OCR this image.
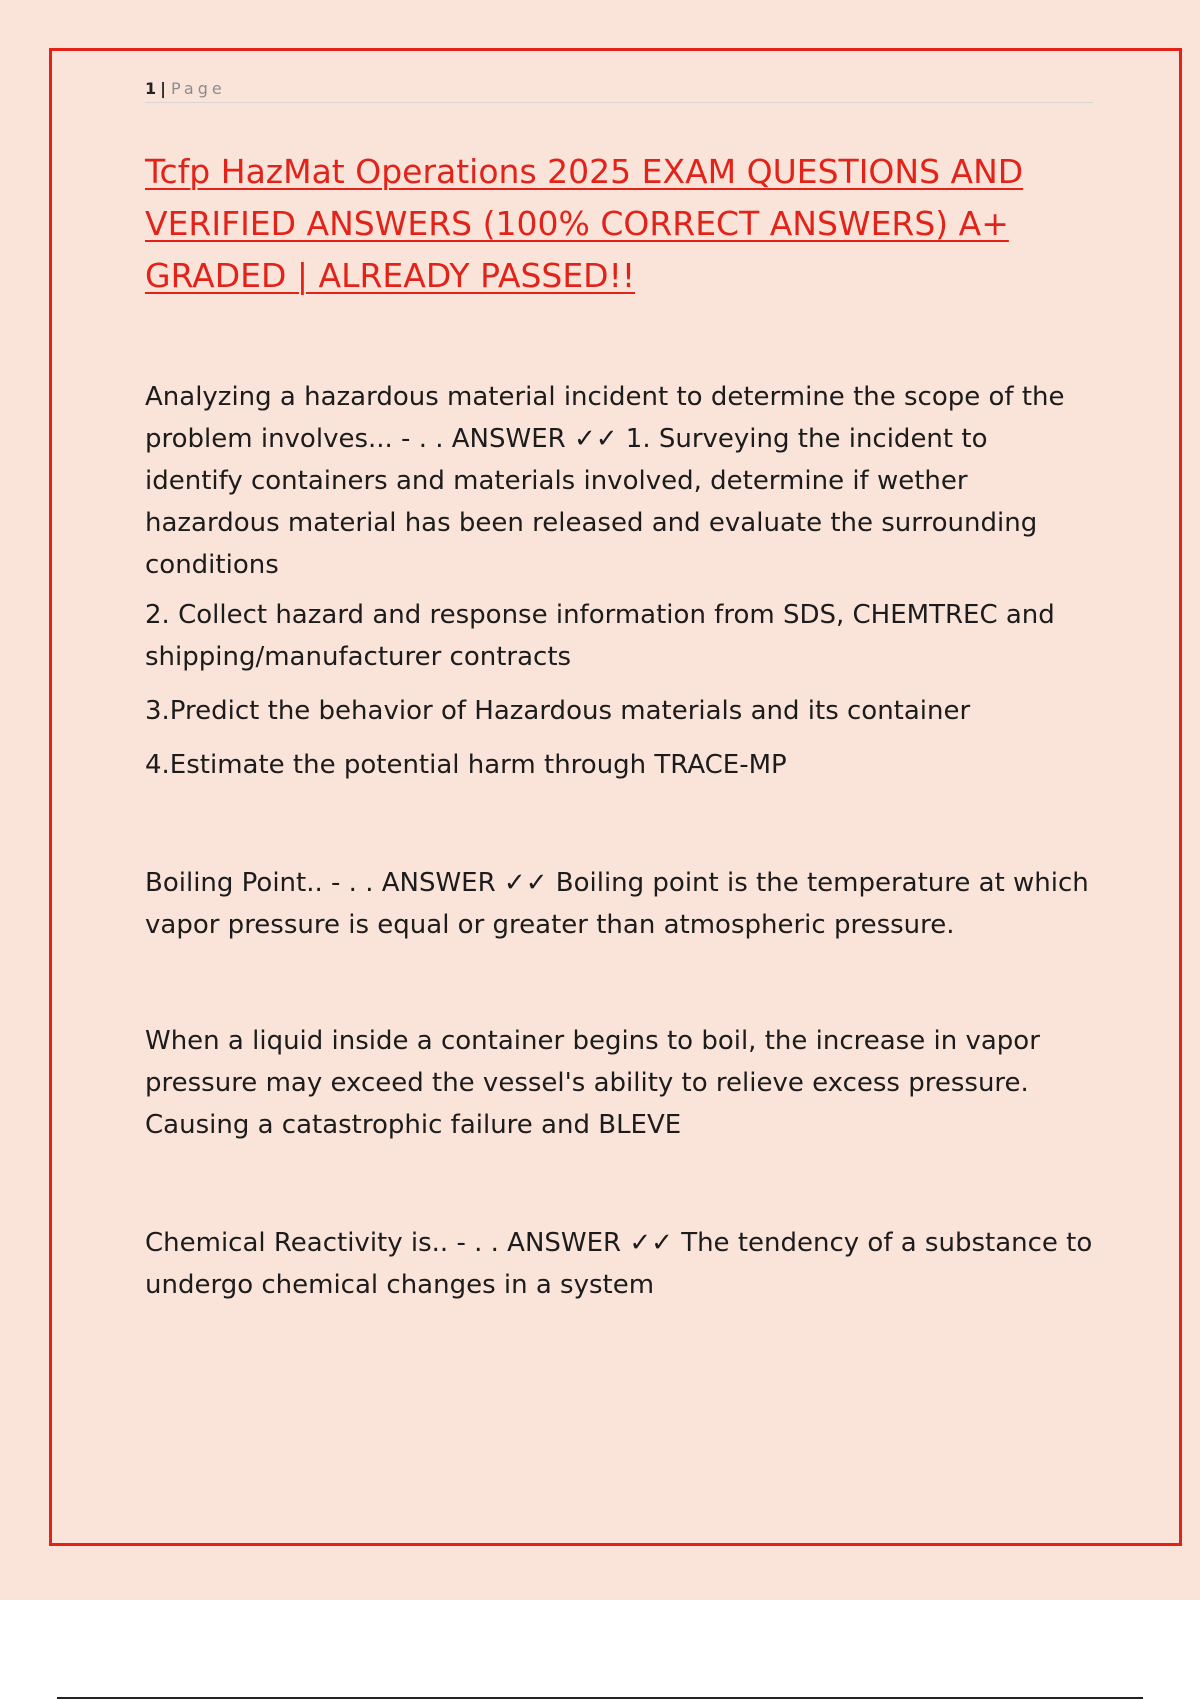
1 | Page
Tcfp HazMat Operations 2025 EXAM QUESTIONS AND VERIFIED ANSWERS (100% CORRECT ANSWERS) A+ GRADED | ALREADY PASSED!!

Analyzing a hazardous material incident to determine the scope of the problem involves... - . . ANSWER ✓✓ 1. Surveying the incident to identify containers and materials involved, determine if wether hazardous material has been released and evaluate the surrounding conditions

2. Collect hazard and response information from SDS, CHEMTREC and shipping/manufacturer contracts

3.Predict the behavior of Hazardous materials and its container

4.Estimate the potential harm through TRACE-MP

Boiling Point.. - . . ANSWER ✓✓ Boiling point is the temperature at which vapor pressure is equal or greater than atmospheric pressure.

When a liquid inside a container begins to boil, the increase in vapor pressure may exceed the vessel's ability to relieve excess pressure. Causing a catastrophic failure and BLEVE

Chemical Reactivity is.. - . . ANSWER ✓✓ The tendency of a substance to undergo chemical changes in a system
